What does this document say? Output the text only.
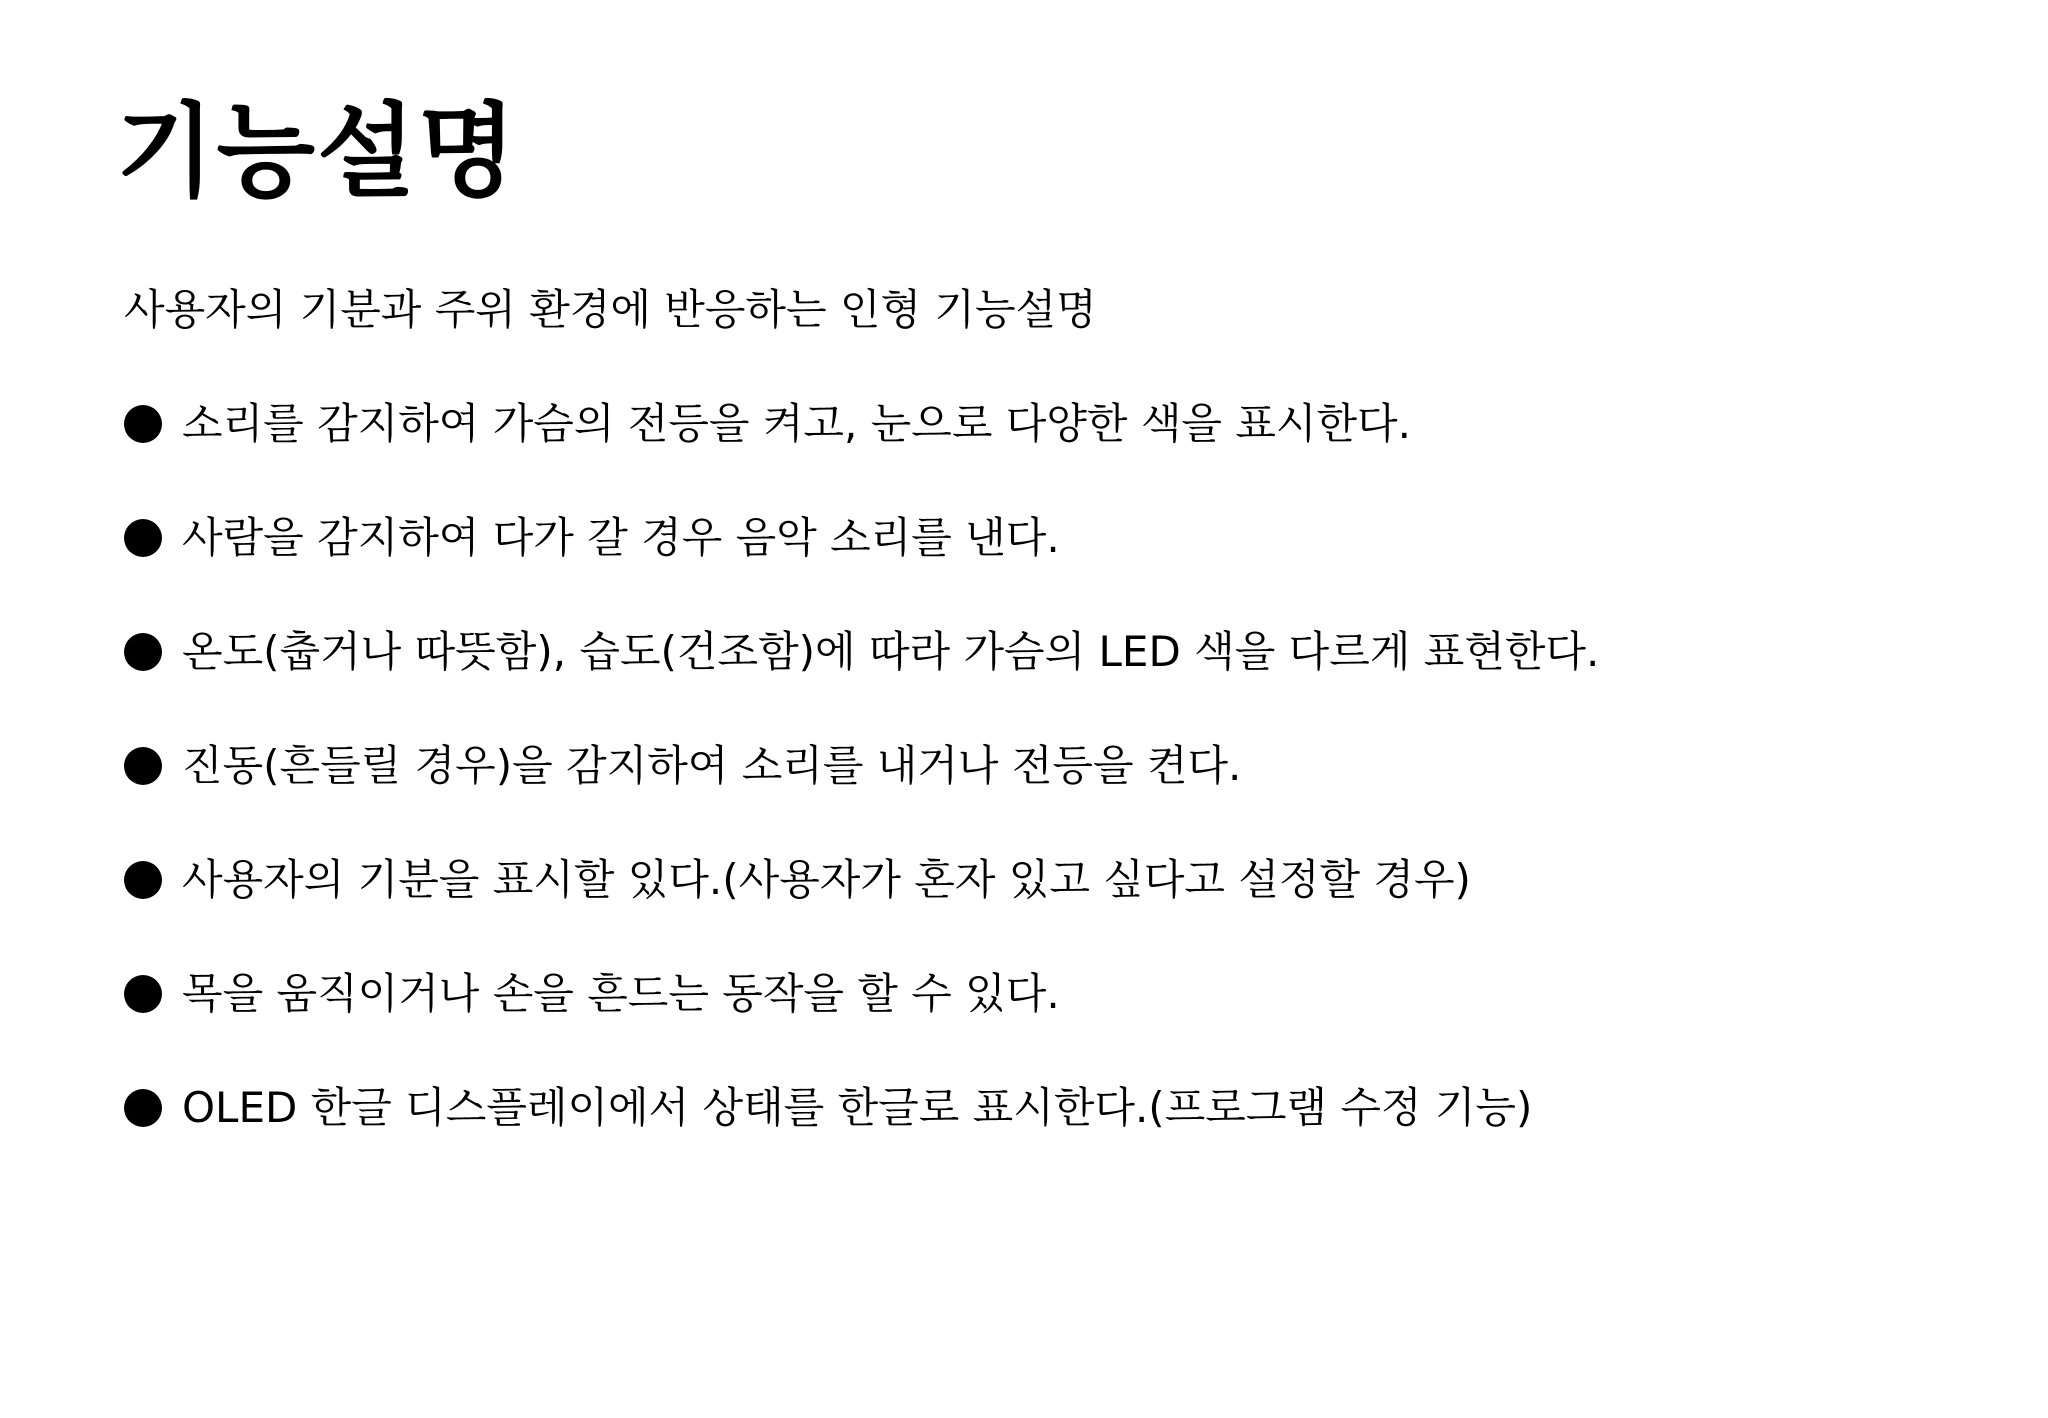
기능설명

사용자의 기분과 주위 환경에 반응하는 인형 기능설명

소리를 감지하여 가슴의 전등을 켜고, 눈으로 다양한 색을 표시한다.
사람을 감지하여 다가 갈 경우 음악 소리를 낸다.
온도(춥거나 따뜻함), 습도(건조함)에 따라 가슴의 LED 색을 다르게 표현한다.
진동(흔들릴 경우)을 감지하여 소리를 내거나 전등을 켠다.
사용자의 기분을 표시할 있다.(사용자가 혼자 있고 싶다고 설정할 경우)
목을 움직이거나 손을 흔드는 동작을 할 수 있다.
OLED 한글 디스플레이에서 상태를 한글로 표시한다.(프로그램 수정 기능)
